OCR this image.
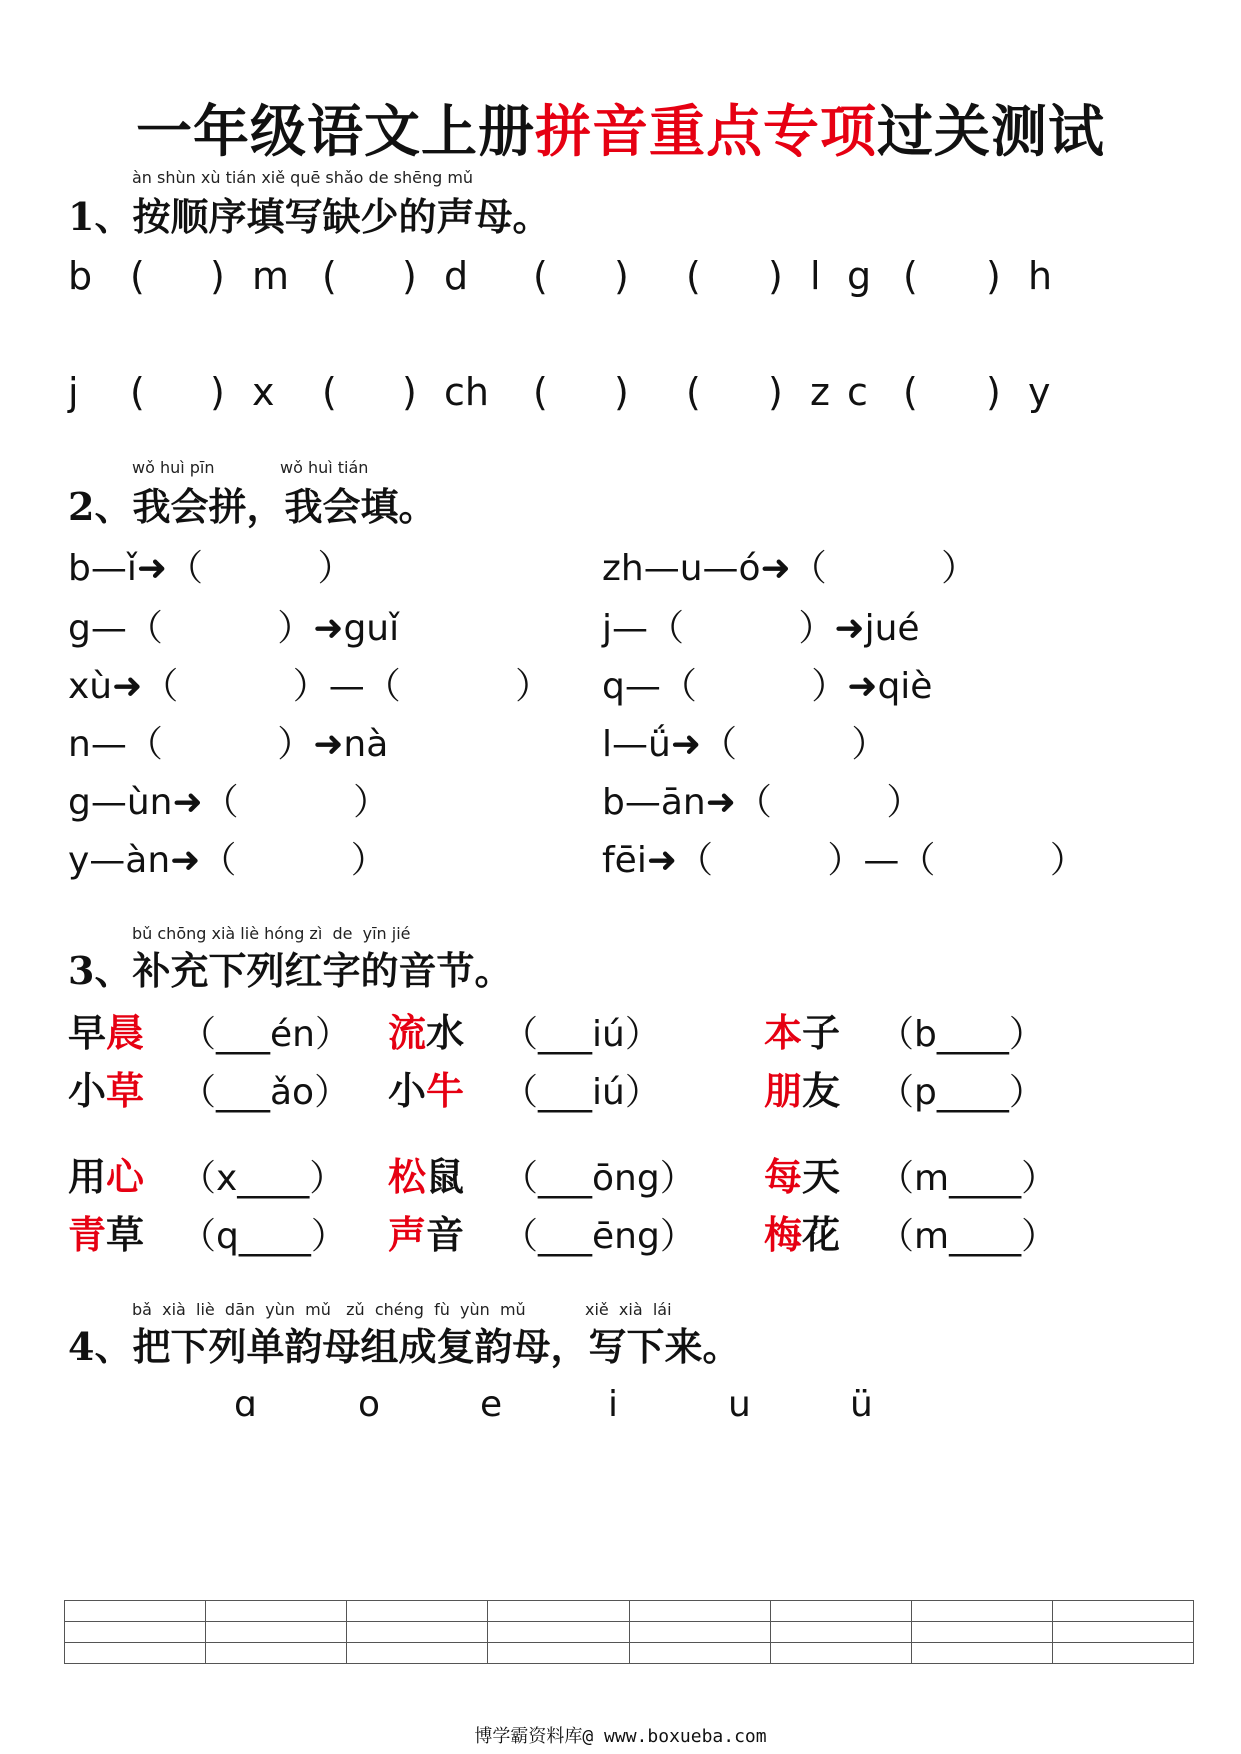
一年级语文上册拼音重点专项过关测试
àn shùn xù tián xiě quē shǎo de shēng mǔ
1、按顺序填写缺少的声母。
b ( ) m ( ) d ( ) ( ) l g ( ) h
j ( ) x ( ) ch ( ) ( ) z c ( ) y
wǒ huì pīn	wǒ huì tián
2、我会拼，我会填。
b—ǐ➜（          ）
g—（          ）➜guǐ
xù➜（          ）—（          ）
n—（          ）➜nà
g—ùn➜（          ）
y—àn➜（          ）
zh—u—ó➜（          ）
j—（          ）➜jué
q—（          ）➜qiè
l—ǘ➜（          ）
b—ān➜（          ）
fēi➜（          ）—（          ）
bǔ chōng xià liè hóng zì  de  yīn jié
3、补充下列红字的音节。
早晨 （___én） 流水 （___iú）	本子 （b____）
小草 （___ǎo） 小牛 （___iú）	朋友 （p____）
用心 （x____） 松鼠 （___ōng） 每天 （m____）
青草 （q____） 声音 （___ēng） 梅花 （m____）
bǎ  xià  liè  dān  yùn  mǔ   zǔ  chéng  fù  yùn  mǔ	xiě  xià  lái
4、把下列单韵母组成复韵母，写下来。
ɑ	o	e	i	u	ü

博学霸资料库@ www.boxueba.com
